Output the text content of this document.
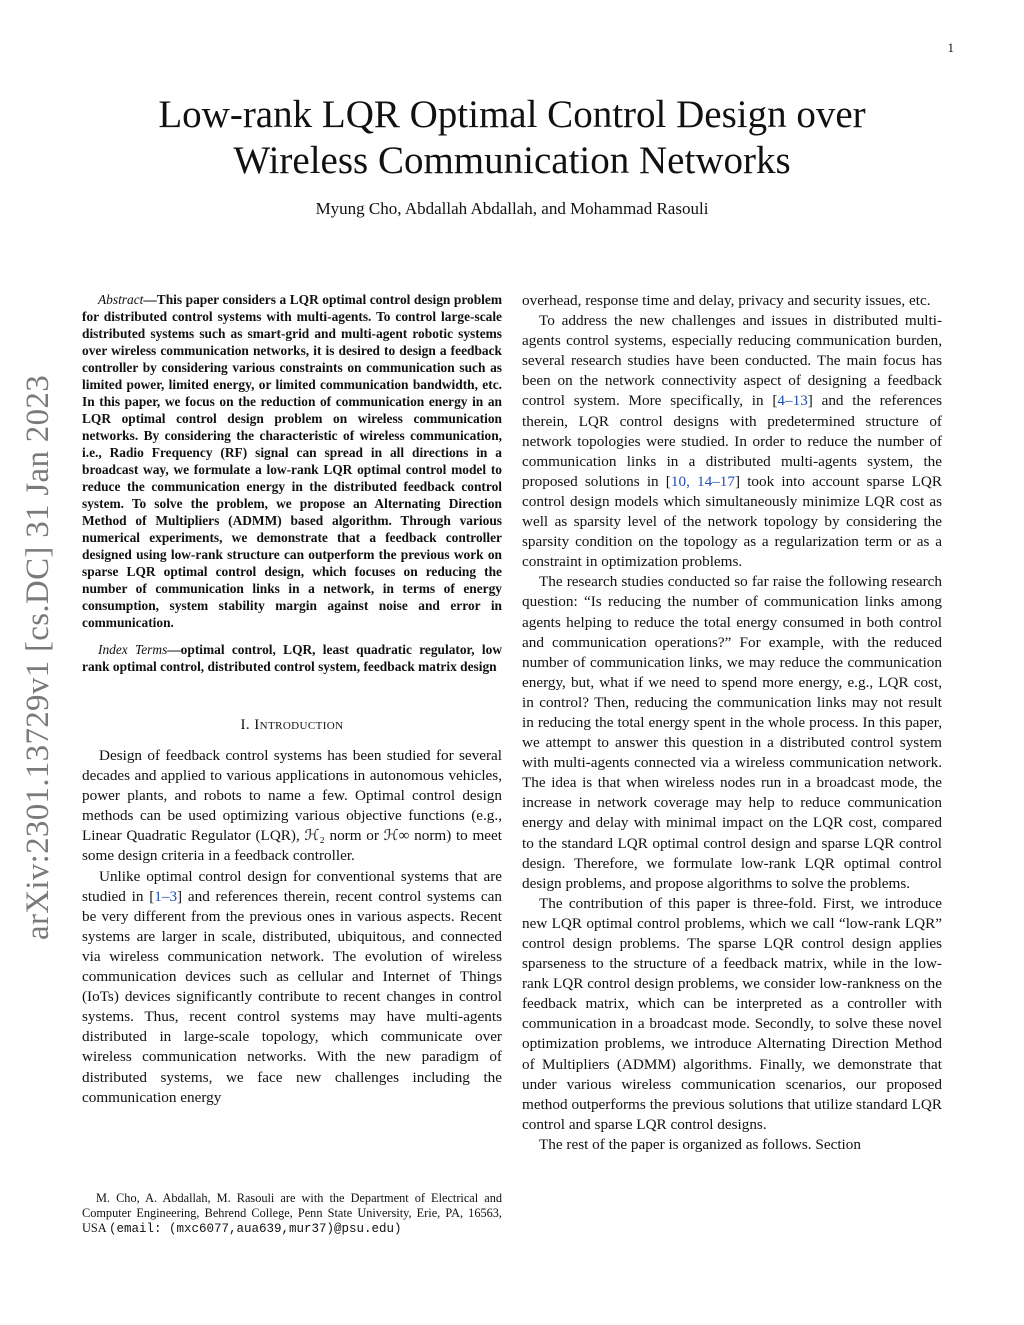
1
arXiv:2301.13729v1 [cs.DC] 31 Jan 2023
Low-rank LQR Optimal Control Design over
Wireless Communication Networks
Myung Cho, Abdallah Abdallah, and Mohammad Rasouli

Abstract—This paper considers a LQR optimal control design problem for distributed control systems with multi-agents. To control large-scale distributed systems such as smart-grid and multi-agent robotic systems over wireless communication networks, it is desired to design a feedback controller by considering various constraints on communication such as limited power, limited energy, or limited communication bandwidth, etc. In this paper, we focus on the reduction of communication energy in an LQR optimal control design problem on wireless communication networks. By considering the characteristic of wireless communication, i.e., Radio Frequency (RF) signal can spread in all directions in a broadcast way, we formulate a low-rank LQR optimal control model to reduce the communication energy in the distributed feedback control system. To solve the problem, we propose an Alternating Direction Method of Multipliers (ADMM) based algorithm. Through various numerical experiments, we demonstrate that a feedback controller designed using low-rank structure can outperform the previous work on sparse LQR optimal control design, which focuses on reducing the number of communication links in a network, in terms of energy consumption, system stability margin against noise and error in communication.

Index Terms—optimal control, LQR, least quadratic regulator, low rank optimal control, distributed control system, feedback matrix design

I. Introduction

Design of feedback control systems has been studied for several decades and applied to various applications in autonomous vehicles, power plants, and robots to name a few. Optimal control design methods can be used optimizing various objective functions (e.g., Linear Quadratic Regulator (LQR), ℋ₂ norm or ℋ∞ norm) to meet some design criteria in a feedback controller.

Unlike optimal control design for conventional systems that are studied in [1–3] and references therein, recent control systems can be very different from the previous ones in various aspects. Recent systems are larger in scale, distributed, ubiquitous, and connected via wireless communication network. The evolution of wireless communication devices such as cellular and Internet of Things (IoTs) devices significantly contribute to recent changes in control systems. Thus, recent control systems may have multi-agents distributed in large-scale topology, which communicate over wireless communication networks. With the new paradigm of distributed systems, we face new challenges including the communication energy

overhead, response time and delay, privacy and security issues, etc.

To address the new challenges and issues in distributed multi-agents control systems, especially reducing communication burden, several research studies have been conducted. The main focus has been on the network connectivity aspect of designing a feedback control system. More specifically, in [4–13] and the references therein, LQR control designs with predetermined structure of network topologies were studied. In order to reduce the number of communication links in a distributed multi-agents system, the proposed solutions in [10, 14–17] took into account sparse LQR control design models which simultaneously minimize LQR cost as well as sparsity level of the network topology by considering the sparsity condition on the topology as a regularization term or as a constraint in optimization problems.

The research studies conducted so far raise the following research question: “Is reducing the number of communication links among agents helping to reduce the total energy consumed in both control and communication operations?” For example, with the reduced number of communication links, we may reduce the communication energy, but, what if we need to spend more energy, e.g., LQR cost, in control? Then, reducing the communication links may not result in reducing the total energy spent in the whole process. In this paper, we attempt to answer this question in a distributed control system with multi-agents connected via a wireless communication network. The idea is that when wireless nodes run in a broadcast mode, the increase in network coverage may help to reduce communication energy and delay with minimal impact on the LQR cost, compared to the standard LQR optimal control design and sparse LQR control design. Therefore, we formulate low-rank LQR optimal control design problems, and propose algorithms to solve the problems.

The contribution of this paper is three-fold. First, we introduce new LQR optimal control problems, which we call “low-rank LQR” control design problems. The sparse LQR control design applies sparseness to the structure of a feedback matrix, while in the low-rank LQR control design problems, we consider low-rankness on the feedback matrix, which can be interpreted as a controller with communication in a broadcast mode. Secondly, to solve these novel optimization problems, we introduce Alternating Direction Method of Multipliers (ADMM) algorithms. Finally, we demonstrate that under various wireless communication scenarios, our proposed method outperforms the previous solutions that utilize standard LQR control and sparse LQR control designs.

The rest of the paper is organized as follows. Section

M. Cho, A. Abdallah, M. Rasouli are with the Department of Electrical and Computer Engineering, Behrend College, Penn State University, Erie, PA, 16563, USA (email: (mxc6077,aua639,mur37)@psu.edu)
